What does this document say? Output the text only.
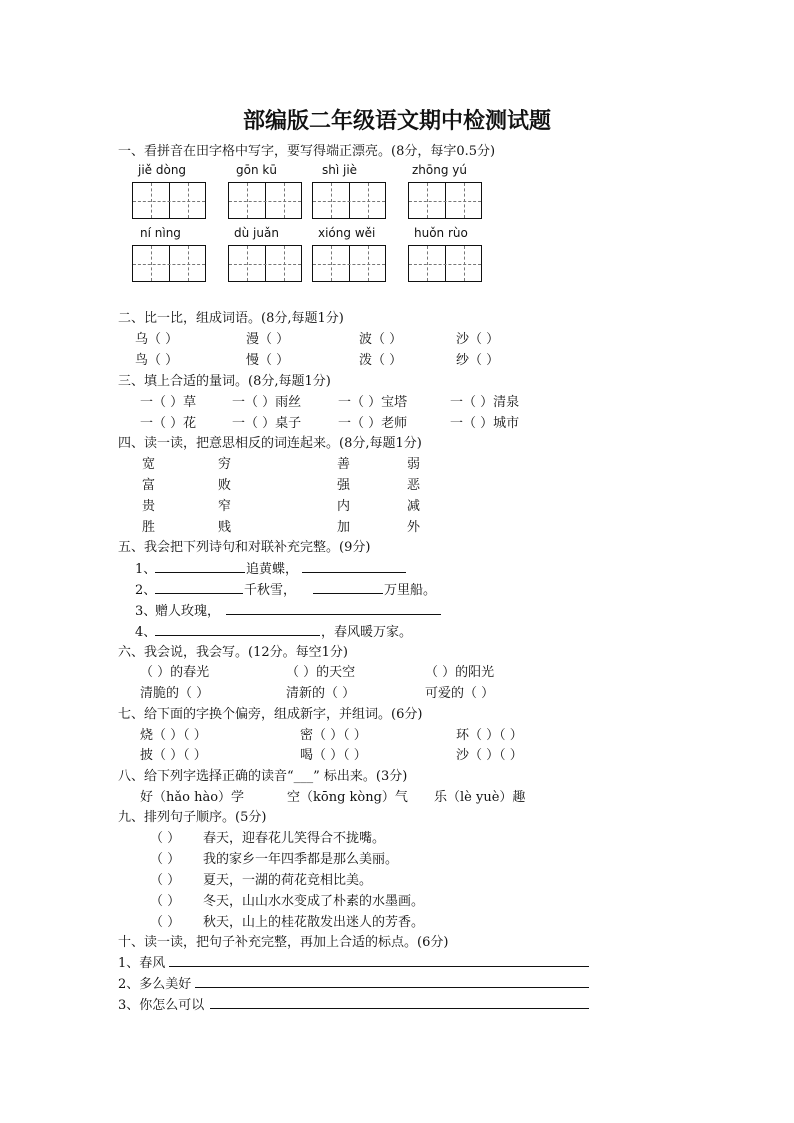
部编版二年级语文期中检测试题
一、看拼音在田字格中写字，要写得端正漂亮。(8分，每字0.5分)
jiě dòng	gōn kū	shì jiè	zhōng yú
ní nìng	dù juǎn	xióng wěi	huǒn rùo
二、比一比，组成词语。(8分,每题1分)
乌（ ）	漫（ ）	波（ ）	沙（ ）
鸟（ ）	慢（ ）	泼（ ）	纱（ ）
三、填上合适的量词。(8分,每题1分)
一（ ）草	一（ ）雨丝	一（ ）宝塔	一（ ）清泉
一（ ）花	一（ ）桌子	一（ ）老师	一（ ）城市
四、读一读，把意思相反的词连起来。(8分,每题1分)
宽	穷	善	弱
富	败	强	恶
贵	窄	内	减
胜	贱	加	外
五、我会把下列诗句和对联补充完整。(9分)
1、	追黄蝶，
2、	千秋雪，	万里船。
3、
赠人玫瑰，
4、	，春风暖万家。
六、我会说，我会写。(12分。每空1分)
（ ）的春光	（ ）的天空	（ ）的阳光
清脆的（ ）	清新的（ ）	可爱的（ ）
七、给下面的字换个偏旁，组成新字，并组词。(6分)
烧（ ）（ ）	密（ ）（ ）	环（ ）（ ）
披（ ）（ ）	喝（ ）（ ）	沙（ ）（ ）
八、给下列字选择正确的读音“___” 标出来。(3分)
好（hǎo hào）学	空（kōng kòng）气 乐（lè yuè）趣
九、排列句子顺序。(5分)
（ ） 春天，迎春花儿笑得合不拢嘴。
（ ） 我的家乡一年四季都是那么美丽。
（ ） 夏天，一湖的荷花竞相比美。
（ ） 冬天，山山水水变成了朴素的水墨画。
（ ） 秋天，山上的桂花散发出迷人的芳香。
十、读一读，把句子补充完整，再加上合适的标点。(6分)
1、春风
2、多么美好
3、你怎么可以
